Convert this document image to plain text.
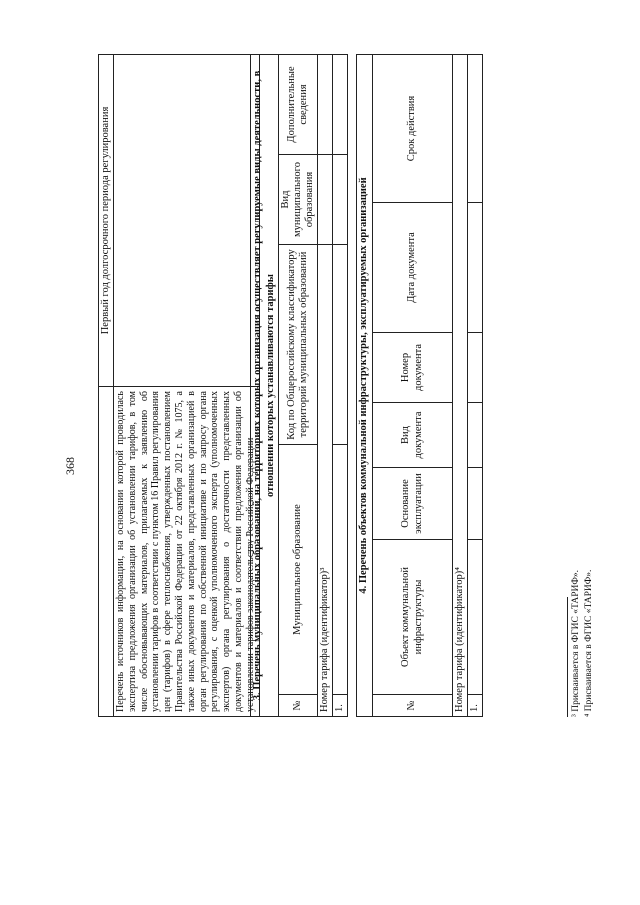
368
	Первый год долгосрочного периода регулирования
Перечень источников информации, на основании которой проводилась экспертиза предложения организации об установлении тарифов, в том числе обосновывающих материалов, прилагаемых к заявлению об установлении тарифов в соответствии с пунктом 16 Правил регулирования цен (тарифов) в сфере теплоснабжения, утвержденных постановлением Правительства Российской Федерации от 22 октября 2012 г. № 1075, а также иных документов и материалов, представленных организацией в орган регулирования по собственной инициативе и по запросу органа регулирования, с оценкой уполномоченного эксперта (уполномоченных экспертов) органа регулирования о достаточности представленных документов и материалов и соответствии предложения организации об установлении тарифов законодательству Российской Федерации	
3. Перечень муниципальных образований, на территориях которых организация осуществляет регулируемые виды деятельности, в отношении которых устанавливаются тарифы				
№	Муниципальное образование	Код по Общероссийскому классификатору территорий муниципальных образований	Вид муниципального образования	Дополнительные сведения
Номер тарифа (идентификатор)³				
1.				
4. Перечень объектов коммунальной инфраструктуры, эксплуатируемых организацией						
№	Объект коммунальной инфраструктуры	Основание эксплуатации	Вид документа	Номер документа	Дата документа	Срок действия
Номер тарифа (идентификатор)⁴						
1.							³ Присваивается в ФГИС «ТАРИФ». ⁴ Присваивается в ФГИС «ТАРИФ».
